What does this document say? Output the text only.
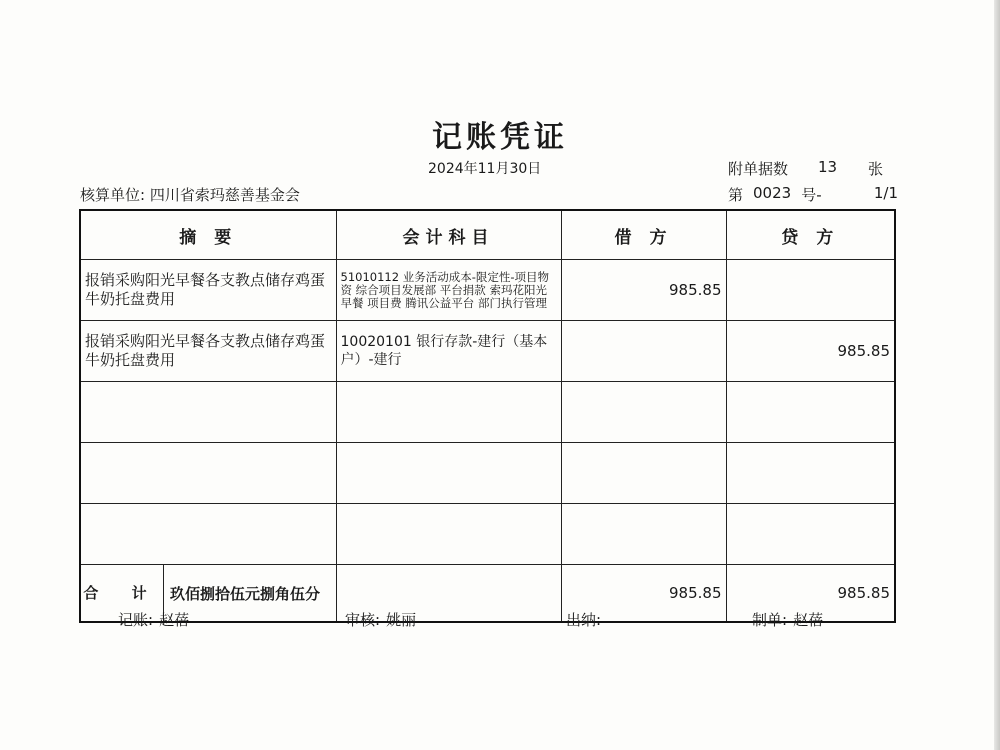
记账凭证
2024年11月30日	附单据数	13	张
核算单位: 四川省索玛慈善基金会	第 0023 号-	1/1
摘 要	会计科目	借 方	贷 方
报销采购阳光早餐各支教点储存鸡蛋牛奶托盘费用	51010112 业务活动成本-限定性-项目物资 综合项目发展部 平台捐款 索玛花阳光早餐 项目费 腾讯公益平台 部门执行管理	985.85	
报销采购阳光早餐各支教点储存鸡蛋牛奶托盘费用	10020101 银行存款-建行（基本户）-建行		985.85

合 计 玖佰捌拾伍元捌角伍分		985.85	985.85
记账: 赵蓓	审核: 姚丽	出纳:	制单: 赵蓓
